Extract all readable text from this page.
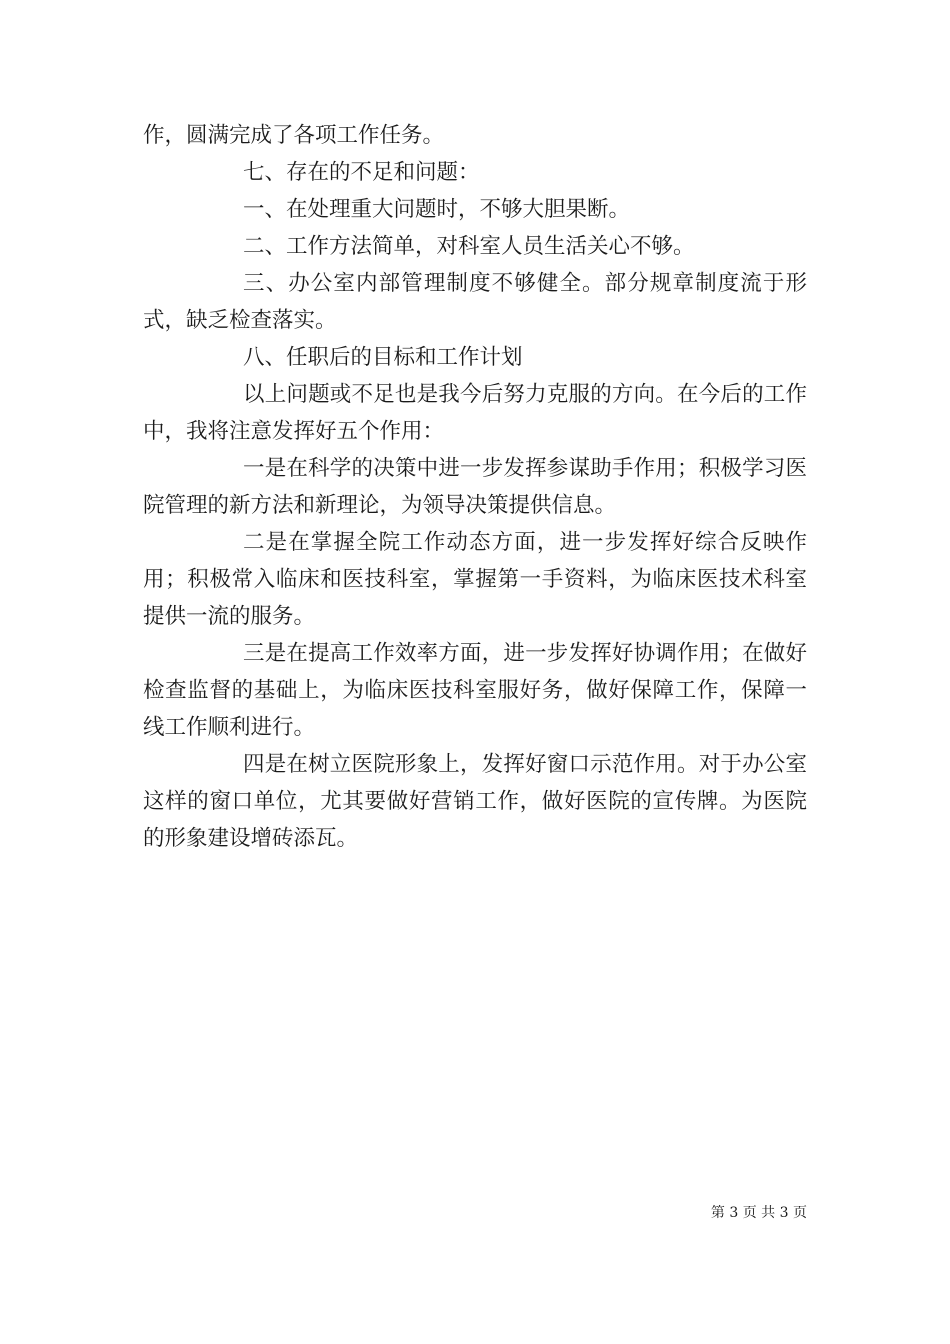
作，圆满完成了各项工作任务。

七、存在的不足和问题：

一、在处理重大问题时，不够大胆果断。

二、工作方法简单，对科室人员生活关心不够。

三、办公室内部管理制度不够健全。部分规章制度流于形式，缺乏检查落实。

八、任职后的目标和工作计划

以上问题或不足也是我今后努力克服的方向。在今后的工作中，我将注意发挥好五个作用：

一是在科学的决策中进一步发挥参谋助手作用；积极学习医院管理的新方法和新理论，为领导决策提供信息。

二是在掌握全院工作动态方面，进一步发挥好综合反映作用；积极常入临床和医技科室，掌握第一手资料，为临床医技术科室提供一流的服务。

三是在提高工作效率方面，进一步发挥好协调作用；在做好检查监督的基础上，为临床医技科室服好务，做好保障工作，保障一线工作顺利进行。

四是在树立医院形象上，发挥好窗口示范作用。对于办公室这样的窗口单位，尤其要做好营销工作，做好医院的宣传牌。为医院的形象建设增砖添瓦。

第 3 页 共 3 页
